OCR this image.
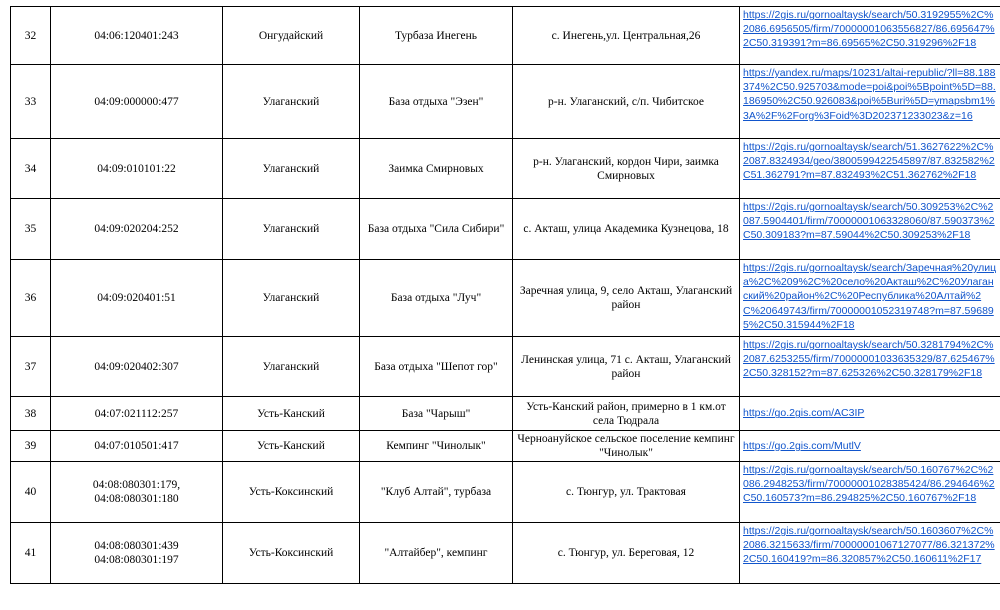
32	04:06:120401:243	Онгудайский	Турбаза Инегень	с. Инегень,ул. Центральная,26	https://2gis.ru/gornoaltaysk/search/50.3192955%2C%2086.6956505/firm/70000001063556827/86.695647%2C50.319391?m=86.69565%2C50.319296%2F18
33	04:09:000000:477	Улаганский	База отдыха "Эзен"	р-н. Улаганский, с/п. Чибитское	https://yandex.ru/maps/10231/altai-republic/?ll=88.188374%2C50.925703&mode=poi&poi%5Bpoint%5D=88.186950%2C50.926083&poi%5Buri%5D=ymapsbm1%3A%2F%2Forg%3Foid%3D202371233023&z=16
34	04:09:010101:22	Улаганский	Заимка Смирновых	р-н. Улаганский, кордон Чири, заимка Смирновых	https://2gis.ru/gornoaltaysk/search/51.3627622%2C%2087.8324934/geo/3800599422545897/87.832582%2C51.362791?m=87.832493%2C51.362762%2F18
35	04:09:020204:252	Улаганский	База отдыха "Сила Сибири"	с. Акташ, улица Академика Кузнецова, 18	https://2gis.ru/gornoaltaysk/search/50.309253%2C%2087.5904401/firm/70000001063328060/87.590373%2C50.309183?m=87.59044%2C50.309253%2F18
36	04:09:020401:51	Улаганский	База отдыха "Луч"	Заречная улица, 9, село Акташ, Улаганский район	https://2gis.ru/gornoaltaysk/search/Заречная%20улица%2C%209%2C%20село%20Акташ%2C%20Улаганский%20район%2C%20Республика%20Алтай%2C%20649743/firm/70000001052319748?m=87.596895%2C50.315944%2F18
37	04:09:020402:307	Улаганский	База отдыха "Шепот гор"	Ленинская улица, 71 с. Акташ, Улаганский район	https://2gis.ru/gornoaltaysk/search/50.3281794%2C%2087.6253255/firm/70000001033635329/87.625467%2C50.328152?m=87.625326%2C50.328179%2F18
38	04:07:021112:257	Усть-Канский	База "Чарыш"	Усть-Канский район, примерно в 1 км.от села Тюдрала	https://go.2gis.com/AC3IP
39	04:07:010501:417	Усть-Канский	Кемпинг "Чинолык"	Черноануйское сельское поселение кемпинг "Чинолык"	https://go.2gis.com/MutlV
40	04:08:080301:179,
04:08:080301:180	Усть-Коксинский	"Клуб Алтай", турбаза	с. Тюнгур, ул. Трактовая	https://2gis.ru/gornoaltaysk/search/50.160767%2C%2086.2948253/firm/70000001028385424/86.294646%2C50.160573?m=86.294825%2C50.160767%2F18
41	04:08:080301:439
04:08:080301:197	Усть-Коксинский	"Алтайбер", кемпинг	с. Тюнгур, ул. Береговая, 12	https://2gis.ru/gornoaltaysk/search/50.1603607%2C%2086.3215633/firm/70000001067127077/86.321372%2C50.160419?m=86.320857%2C50.160611%2F17
